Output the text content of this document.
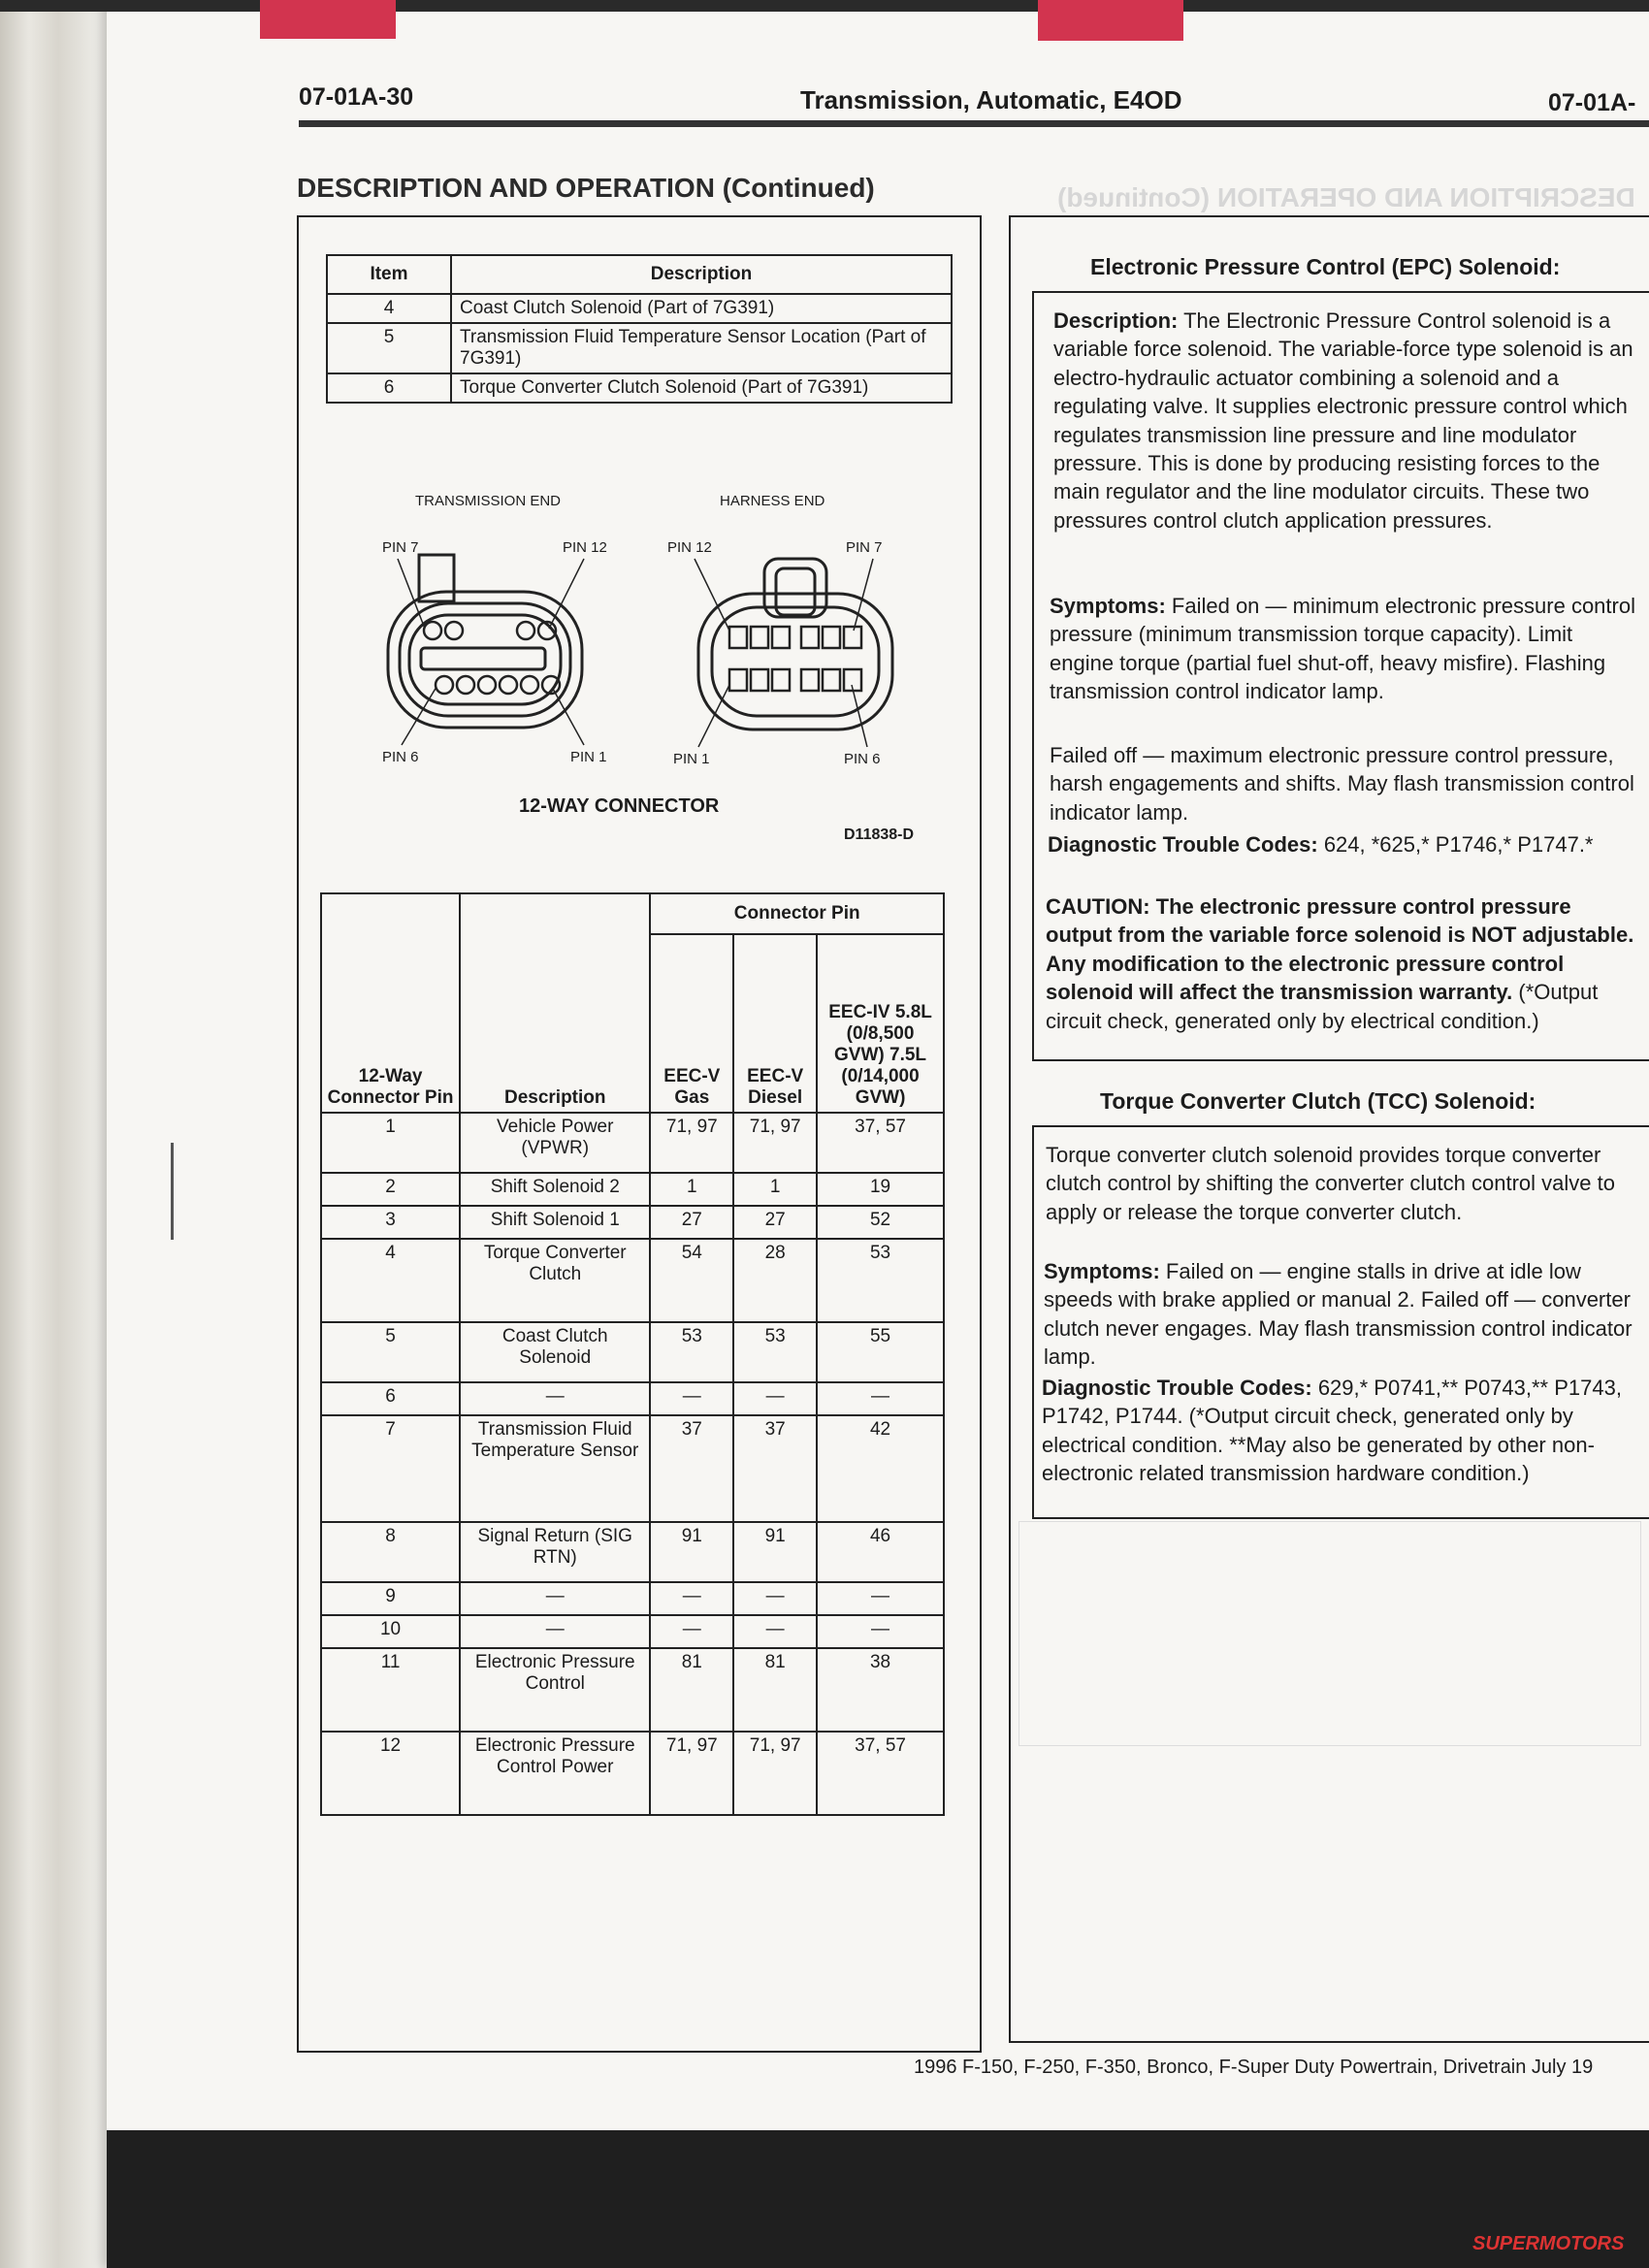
07-01A-30	Transmission, Automatic, E4OD	07-01A-
DESCRIPTION AND OPERATION (Continued)	DESCRIPTION AND OPERATION (Continued)
Item	Description
4	Coast Clutch Solenoid (Part of 7G391)
5	Transmission Fluid Temperature Sensor Location (Part of 7G391)
6	Torque Converter Clutch Solenoid (Part of 7G391)
TRANSMISSION END	HARNESS END
PIN 7	PIN 12	PIN 12	PIN 7
PIN 6	PIN 1	PIN 1	PIN 6
12-WAY CONNECTOR
D11838-D
12-Way Connector Pin	Description	Connector Pin		
		EEC-V Gas	EEC-V Diesel	EEC-IV 5.8L (0/8,500 GVW) 7.5L (0/14,000 GVW)
1	Vehicle Power (VPWR)	71, 97	71, 97	37, 57
2	Shift Solenoid 2	1	1	19
3	Shift Solenoid 1	27	27	52
4	Torque Converter Clutch	54	28	53
5	Coast Clutch Solenoid	53	53	55
6	—	—	—	—
7	Transmission Fluid Temperature Sensor	37	37	42
8	Signal Return (SIG RTN)	91	91	46
9	—	—	—	—
10	—	—	—	—
11	Electronic Pressure Control	81	81	38
12	Electronic Pressure Control Power	71, 97	71, 97	37, 57
Electronic Pressure Control (EPC) Solenoid:
Description: The Electronic Pressure Control solenoid is a variable force solenoid. The variable-force type solenoid is an electro-hydraulic actuator combining a solenoid and a regulating valve. It supplies electronic pressure control which regulates transmission line pressure and line modulator pressure. This is done by producing resisting forces to the main regulator and the line modulator circuits. These two pressures control clutch application pressures.
Symptoms: Failed on — minimum electronic pressure control pressure (minimum transmission torque capacity). Limit engine torque (partial fuel shut-off, heavy misfire). Flashing transmission control indicator lamp.
Failed off — maximum electronic pressure control pressure, harsh engagements and shifts. May flash transmission control indicator lamp.
Diagnostic Trouble Codes: 624, *625,* P1746,* P1747.*
CAUTION: The electronic pressure control pressure output from the variable force solenoid is NOT adjustable. Any modification to the electronic pressure control solenoid will affect the transmission warranty. (*Output circuit check, generated only by electrical condition.)
Torque Converter Clutch (TCC) Solenoid:
Torque converter clutch solenoid provides torque converter clutch control by shifting the converter clutch control valve to apply or release the torque converter clutch.
Symptoms: Failed on — engine stalls in drive at idle low speeds with brake applied or manual 2. Failed off — converter clutch never engages. May flash transmission control indicator lamp.
Diagnostic Trouble Codes: 629,* P0741,** P0743,** P1743, P1742, P1744. (*Output circuit check, generated only by electrical condition. **May also be generated by other non-electronic related transmission hardware condition.)
1996 F-150, F-250, F-350, Bronco, F-Super Duty Powertrain, Drivetrain July 19
SUPERMOTORS
